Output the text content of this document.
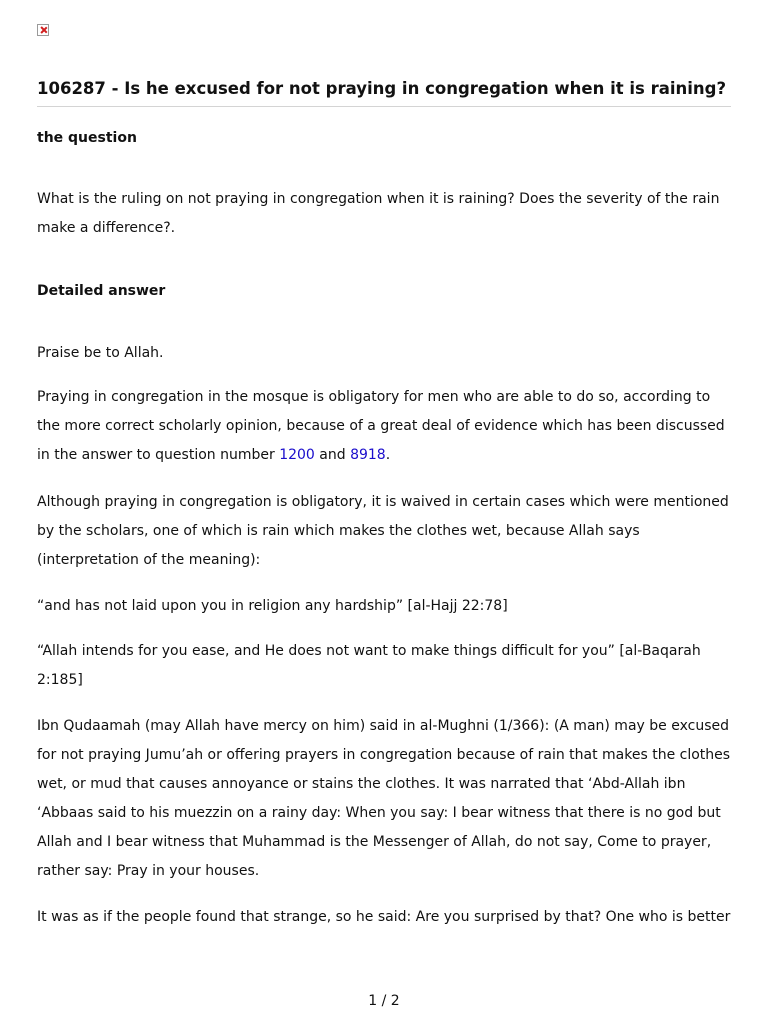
106287 - Is he excused for not praying in congregation when it is raining?
the question

What is the ruling on not praying in congregation when it is raining? Does the severity of the rain make a difference?.

Detailed answer

Praise be to Allah.

Praying in congregation in the mosque is obligatory for men who are able to do so, according to the more correct scholarly opinion, because of a great deal of evidence which has been discussed in the answer to question number 1200 and 8918.

Although praying in congregation is obligatory, it is waived in certain cases which were mentioned by the scholars, one of which is rain which makes the clothes wet, because Allah says (interpretation of the meaning):

“and has not laid upon you in religion any hardship” [al-Hajj 22:78]

“Allah intends for you ease, and He does not want to make things difficult for you” [al-Baqarah 2:185]

Ibn Qudaamah (may Allah have mercy on him) said in al-Mughni (1/366): (A man) may be excused for not praying Jumu’ah or offering prayers in congregation because of rain that makes the clothes wet, or mud that causes annoyance or stains the clothes. It was narrated that ‘Abd-Allah ibn ‘Abbaas said to his muezzin on a rainy day: When you say: I bear witness that there is no god but Allah and I bear witness that Muhammad is the Messenger of Allah, do not say, Come to prayer, rather say: Pray in your houses.

It was as if the people found that strange, so he said: Are you surprised by that? One who is better

1 / 2
